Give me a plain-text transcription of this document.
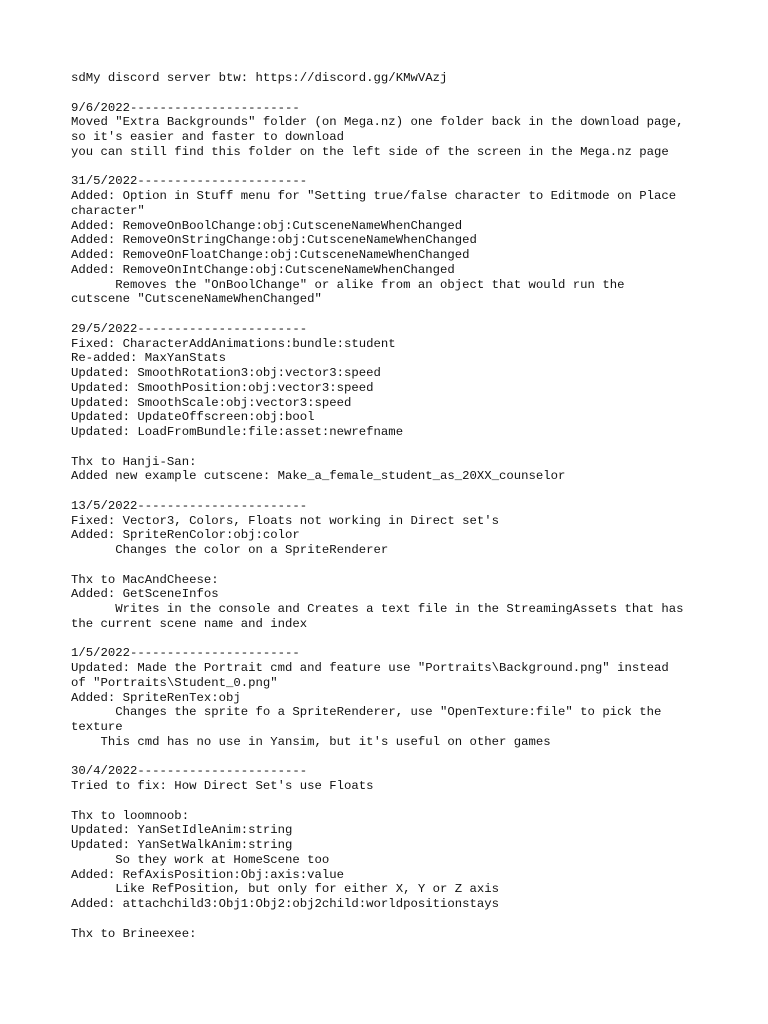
sdMy discord server btw: https://discord.gg/KMwVAzj
9/6/2022-----------------------
Moved "Extra Backgrounds" folder (on Mega.nz) one folder back in the download page,
so it's easier and faster to download
you can still find this folder on the left side of the screen in the Mega.nz page
31/5/2022-----------------------
Added: Option in Stuff menu for "Setting true/false character to Editmode on Place
character"
Added: RemoveOnBoolChange:obj:CutsceneNameWhenChanged
Added: RemoveOnStringChange:obj:CutsceneNameWhenChanged
Added: RemoveOnFloatChange:obj:CutsceneNameWhenChanged
Added: RemoveOnIntChange:obj:CutsceneNameWhenChanged
Removes the "OnBoolChange" or alike from an object that would run the
cutscene "CutsceneNameWhenChanged"
29/5/2022-----------------------
Fixed: CharacterAddAnimations:bundle:student
Re-added: MaxYanStats
Updated: SmoothRotation3:obj:vector3:speed
Updated: SmoothPosition:obj:vector3:speed
Updated: SmoothScale:obj:vector3:speed
Updated: UpdateOffscreen:obj:bool
Updated: LoadFromBundle:file:asset:newrefname
Thx to Hanji-San:
Added new example cutscene: Make_a_female_student_as_20XX_counselor
13/5/2022-----------------------
Fixed: Vector3, Colors, Floats not working in Direct set's
Added: SpriteRenColor:obj:color
Changes the color on a SpriteRenderer
Thx to MacAndCheese:
Added: GetSceneInfos
Writes in the console and Creates a text file in the StreamingAssets that has
the current scene name and index
1/5/2022-----------------------
Updated: Made the Portrait cmd and feature use "Portraits\Background.png" instead
of "Portraits\Student_0.png"
Added: SpriteRenTex:obj
Changes the sprite fo a SpriteRenderer, use "OpenTexture:file" to pick the
texture
This cmd has no use in Yansim, but it's useful on other games
30/4/2022-----------------------
Tried to fix: How Direct Set's use Floats
Thx to loomnoob:
Updated: YanSetIdleAnim:string
Updated: YanSetWalkAnim:string
So they work at HomeScene too
Added: RefAxisPosition:Obj:axis:value
Like RefPosition, but only for either X, Y or Z axis
Added: attachchild3:Obj1:Obj2:obj2child:worldpositionstays
Thx to Brineexee:
